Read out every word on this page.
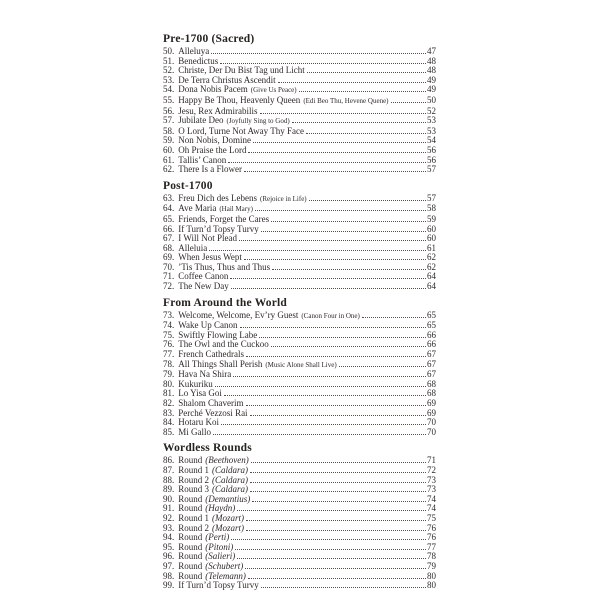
Pre-1700 (Sacred)
50. Alleluya	47
51. Benedictus	48
52. Christe, Der Du Bist Tag und Licht	48
53. De Terra Christus Ascendit	49
54. Dona Nobis Pacem (Give Us Peace)	49
55. Happy Be Thou, Heavenly Queen (Edi Beo Thu, Hevene Quene)	50
56. Jesu, Rex Admirabilis	52
57. Jubilate Deo (Joyfully Sing to God)	53
58. O Lord, Turne Not Away Thy Face	53
59. Non Nobis, Domine	54
60. Oh Praise the Lord	56
61. Tallis’ Canon	56
62. There Is a Flower	57
Post-1700
63. Freu Dich des Lebens (Rejoice in Life)	57
64. Ave Maria (Hail Mary)	58
65. Friends, Forget the Cares	59
66. If Turn’d Topsy Turvy	60
67. I Will Not Plead	60
68. Alleluia	61
69. When Jesus Wept	62
70. ’Tis Thus, Thus and Thus	62
71. Coffee Canon	64
72. The New Day	64
From Around the World
73. Welcome, Welcome, Ev’ry Guest (Canon Four in One)	65
74. Wake Up Canon	65
75. Swiftly Flowing Labe	66
76. The Owl and the Cuckoo	66
77. French Cathedrals	67
78. All Things Shall Perish (Music Alone Shall Live)	67
79. Hava Na Shira	67
80. Kukuriku	68
81. Lo Yisa Goi	68
82. Shalom Chaverim	69
83. Perché Vezzosi Rai	69
84. Hotaru Koi	70
85. Mi Gallo	70
Wordless Rounds
86. Round (Beethoven)	71
87. Round 1 (Caldara)	72
88. Round 2 (Caldara)	73
89. Round 3 (Caldara)	73
90. Round (Demantius)	74
91. Round (Haydn)	74
92. Round 1 (Mozart)	75
93. Round 2 (Mozart)	76
94. Round (Perti)	76
95. Round (Pitoni)	77
96. Round (Salieri)	78
97. Round (Schubert)	79
98. Round (Telemann)	80
99. If Turn’d Topsy Turvy	80
